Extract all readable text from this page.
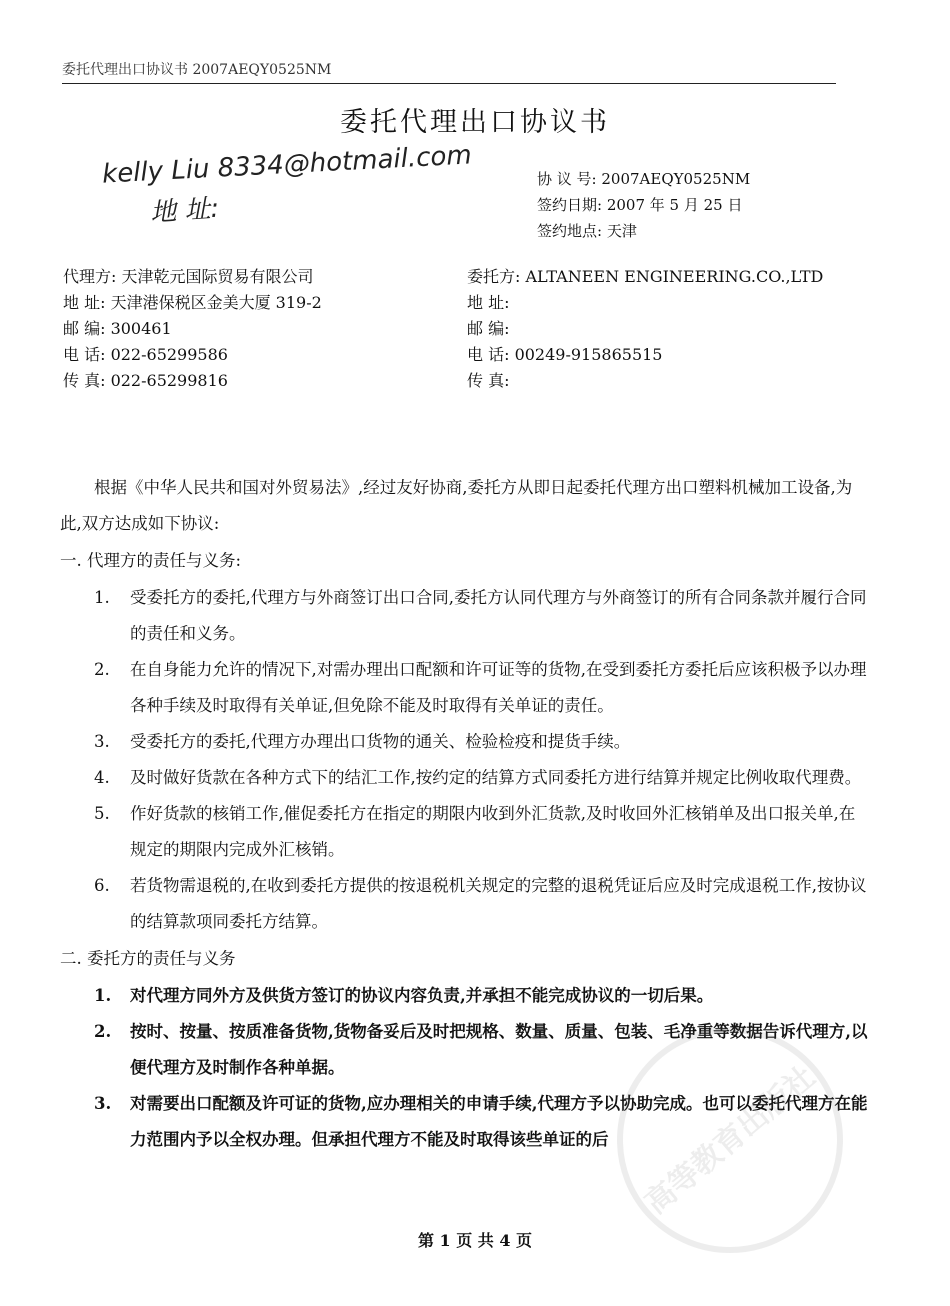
委托代理出口协议书 2007AEQY0525NM
委托代理出口协议书
kelly Liu 8334@hotmail.com
地 址:
协 议 号: 2007AEQY0525NM
签约日期: 2007 年 5 月 25 日
签约地点: 天津
代理方: 天津乾元国际贸易有限公司
地 址: 天津港保税区金美大厦 319-2
邮 编: 300461
电 话: 022-65299586
传 真: 022-65299816
委托方: ALTANEEN ENGINEERING.CO.,LTD
地 址:
邮 编:
电 话: 00249-915865515
传 真:

根据《中华人民共和国对外贸易法》,经过友好协商,委托方从即日起委托代理方出口塑料机械加工设备,为此,双方达成如下协议:

一. 代理方的责任与义务:

1. 受委托方的委托,代理方与外商签订出口合同,委托方认同代理方与外商签订的所有合同条款并履行合同的责任和义务。

2. 在自身能力允许的情况下,对需办理出口配额和许可证等的货物,在受到委托方委托后应该积极予以办理各种手续及时取得有关单证,但免除不能及时取得有关单证的责任。

3. 受委托方的委托,代理方办理出口货物的通关、检验检疫和提货手续。

4. 及时做好货款在各种方式下的结汇工作,按约定的结算方式同委托方进行结算并规定比例收取代理费。

5. 作好货款的核销工作,催促委托方在指定的期限内收到外汇货款,及时收回外汇核销单及出口报关单,在规定的期限内完成外汇核销。

6. 若货物需退税的,在收到委托方提供的按退税机关规定的完整的退税凭证后应及时完成退税工作,按协议的结算款项同委托方结算。

二. 委托方的责任与义务

1. 对代理方同外方及供货方签订的协议内容负责,并承担不能完成协议的一切后果。

2. 按时、按量、按质准备货物,货物备妥后及时把规格、数量、质量、包装、毛净重等数据告诉代理方,以便代理方及时制作各种单据。

3. 对需要出口配额及许可证的货物,应办理相关的申请手续,代理方予以协助完成。也可以委托代理方在能力范围内予以全权办理。但承担代理方不能及时取得该些单证的后	高等教育出版社
第 1 页 共 4 页
